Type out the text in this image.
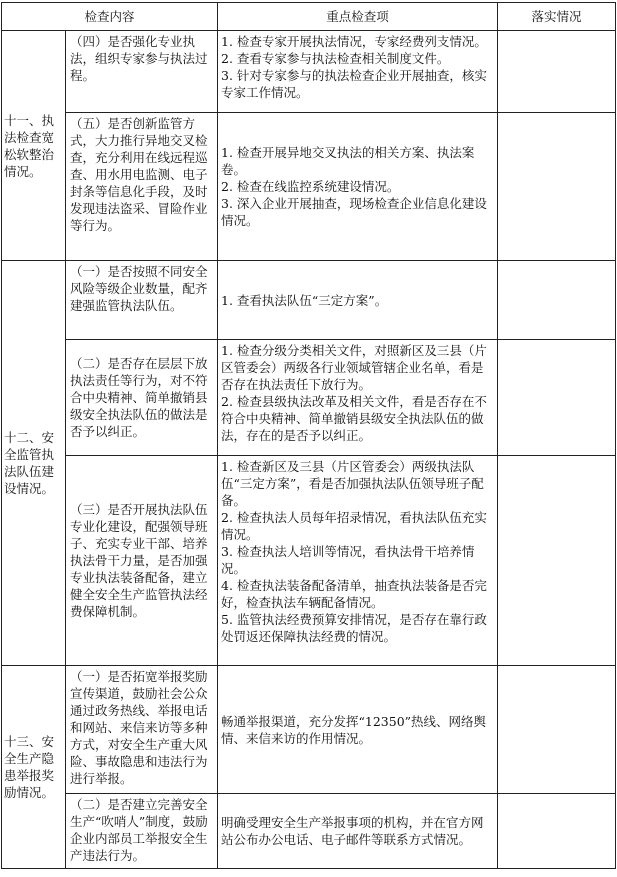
检查内容		重点检查项	落实情况
十一、执法检查宽松软整治情况。	（四）是否强化专业执法，组织专家参与执法过程。	1. 检查专家开展执法情况，专家经费列支情况。
2. 查看专家参与执法检查相关制度文件。
3. 针对专家参与的执法检查企业开展抽查，核实专家工作情况。	

	（五）是否创新监管方式，大力推行异地交叉检查，充分利用在线远程巡查、用水用电监测、电子封条等信息化手段，及时发现违法盗采、冒险作业等行为。	1. 检查开展异地交叉执法的相关方案、执法案卷。
2. 检查在线监控系统建设情况。
3. 深入企业开展抽查，现场检查企业信息化建设情况。	

十二、安全监管执法队伍建设情况。	（一）是否按照不同安全风险等级企业数量，配齐建强监管执法队伍。	1. 查看执法队伍“三定方案”。	

	（二）是否存在层层下放执法责任等行为，对不符合中央精神、简单撤销县级安全执法队伍的做法是否予以纠正。	1. 检查分级分类相关文件，对照新区及三县（片区管委会）两级各行业领域管辖企业名单，看是否存在执法责任下放行为。
2. 检查县级执法改革及相关文件，看是否存在不符合中央精神、简单撤销县级安全执法队伍的做法，存在的是否予以纠正。	

	（三）是否开展执法队伍专业化建设，配强领导班子、充实专业干部、培养执法骨干力量，是否加强专业执法装备配备，建立健全安全生产监管执法经费保障机制。	1. 检查新区及三县（片区管委会）两级执法队伍“三定方案”，看是否加强执法队伍领导班子配备。
2. 检查执法人员每年招录情况，看执法队伍充实情况。
3. 检查执法人培训等情况，看执法骨干培养情况。
4. 检查执法装备配备清单，抽查执法装备是否完好，检查执法车辆配备情况。
5. 监管执法经费预算安排情况，是否存在靠行政处罚返还保障执法经费的情况。	

十三、安全生产隐患举报奖励情况。	（一）是否拓宽举报奖励宣传渠道，鼓励社会公众通过政务热线、举报电话和网站、来信来访等多种方式，对安全生产重大风险、事故隐患和违法行为进行举报。	畅通举报渠道，充分发挥“12350”热线、网络舆情、来信来访的作用情况。	

	（二）是否建立完善安全生产“吹哨人”制度，鼓励企业内部员工举报安全生产违法行为。	明确受理安全生产举报事项的机构，并在官方网站公布办公电话、电子邮件等联系方式情况。	
